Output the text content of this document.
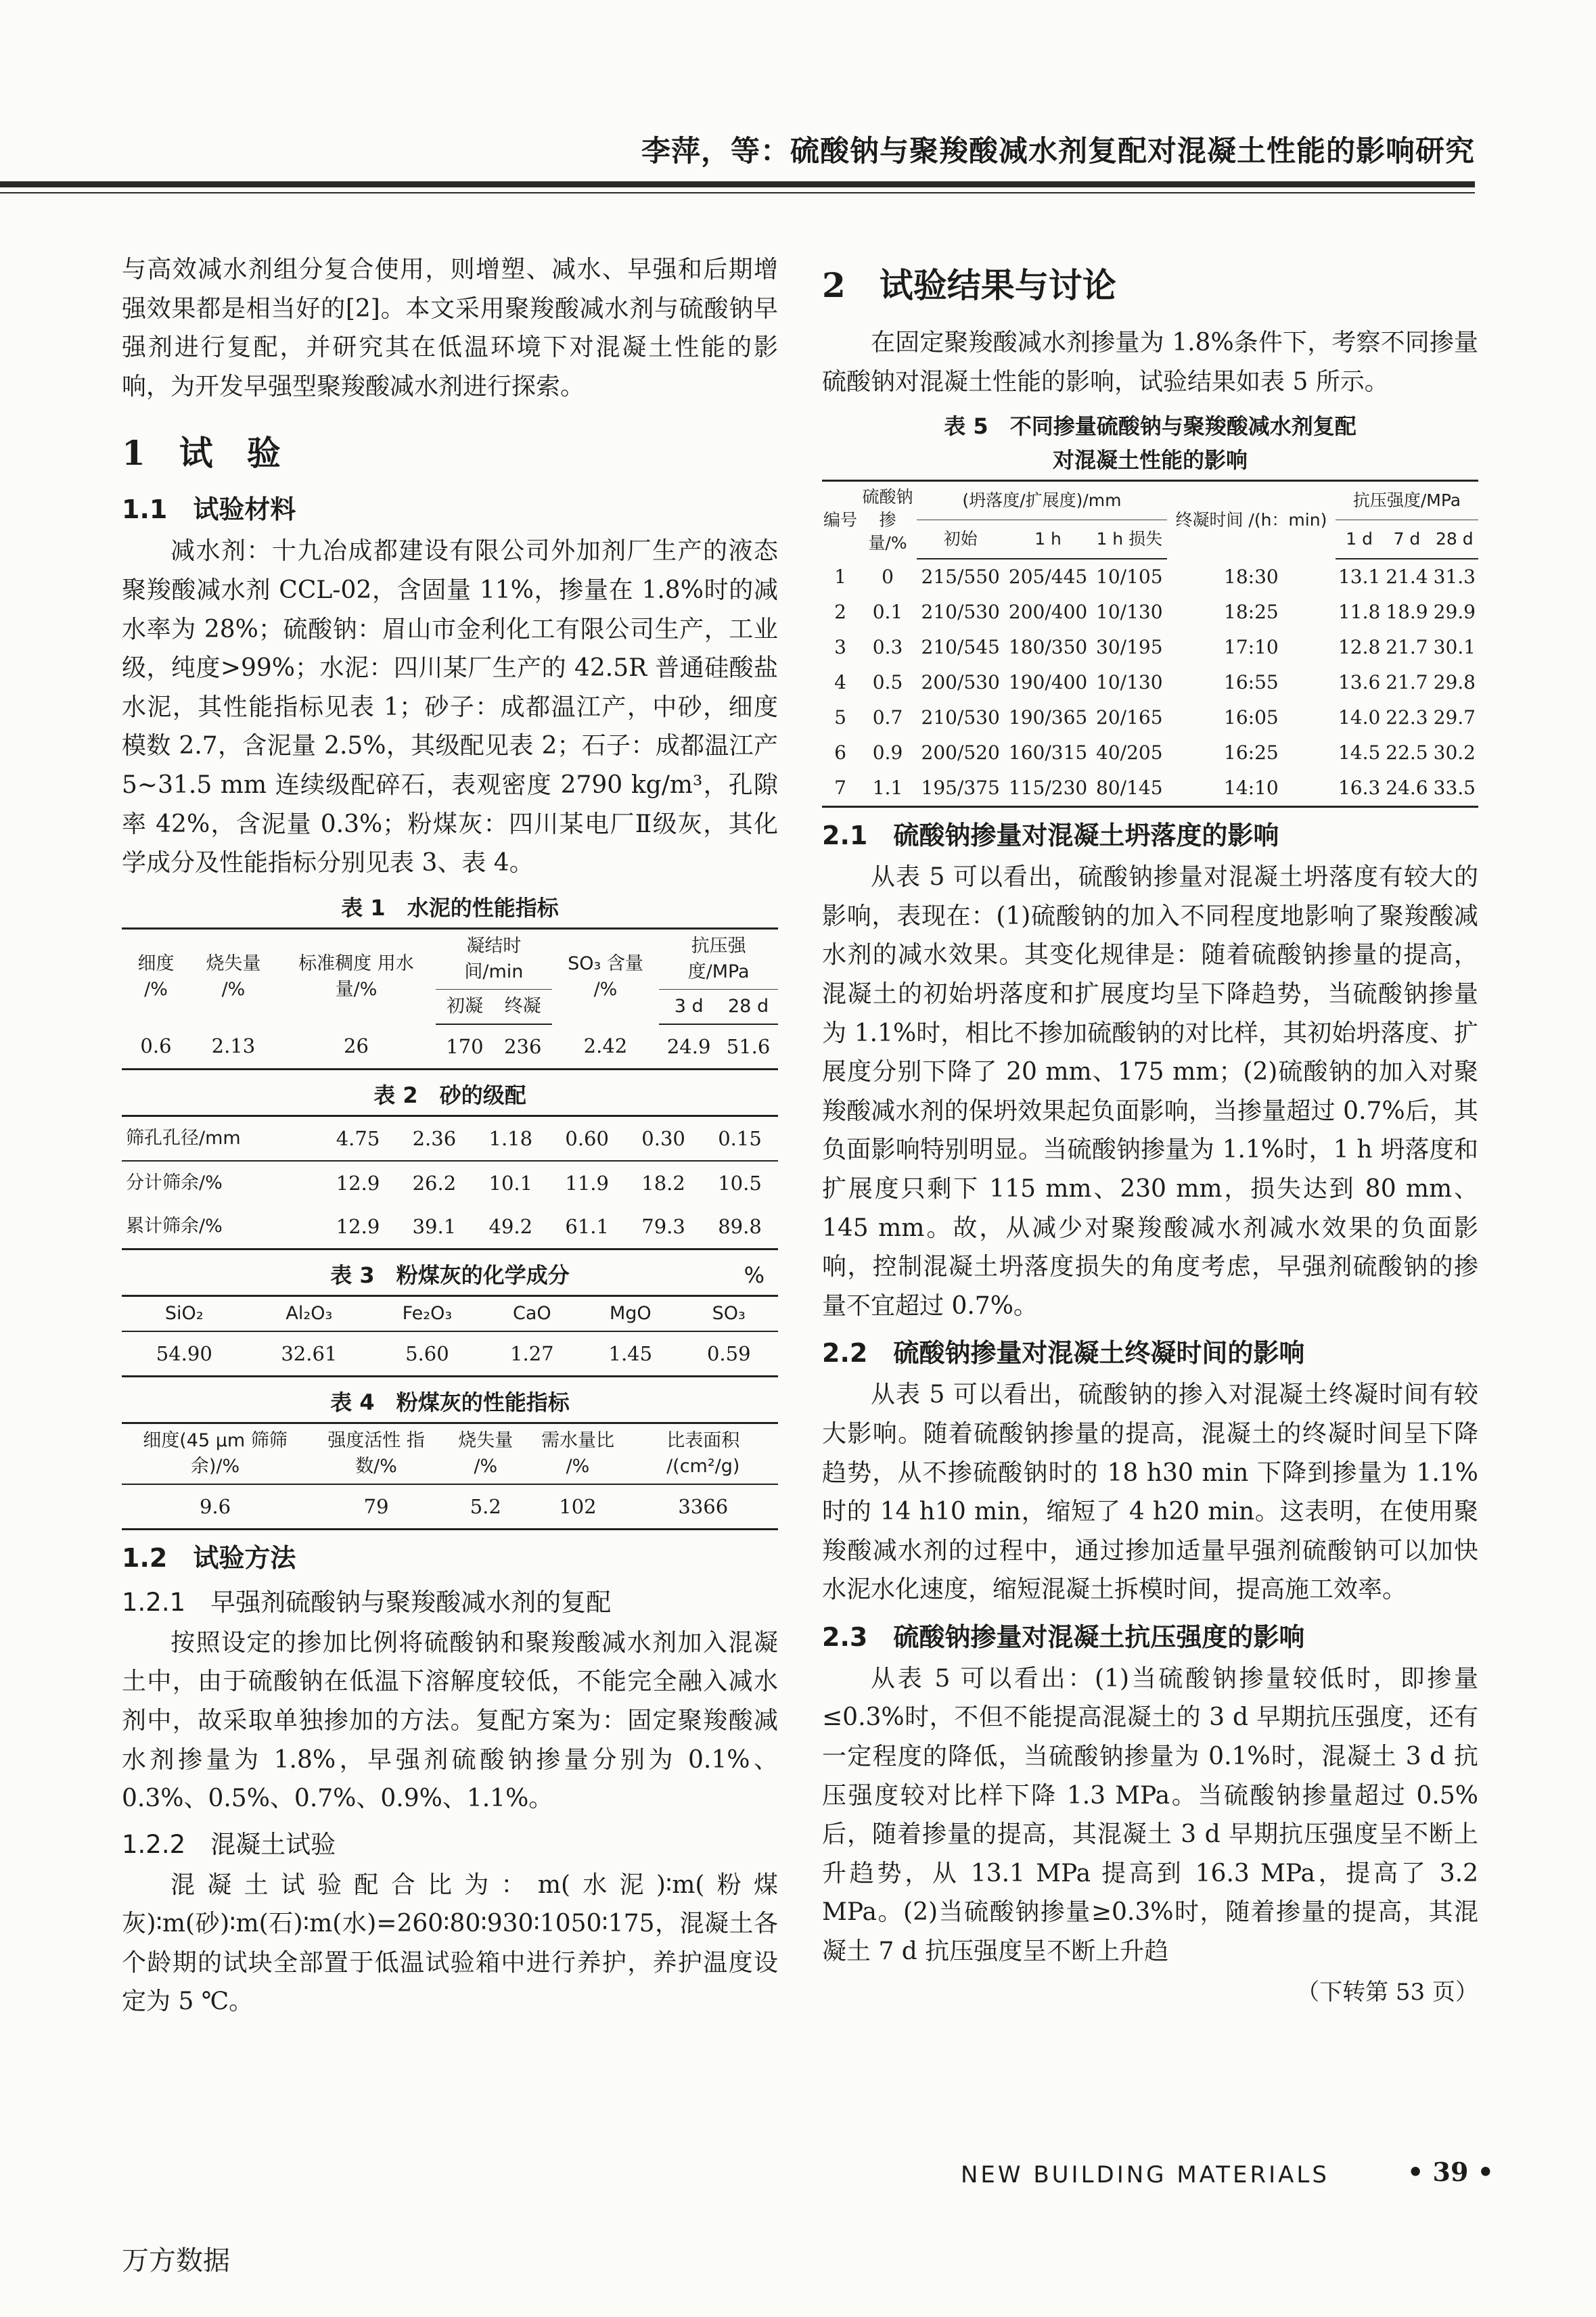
李萍，等：硫酸钠与聚羧酸减水剂复配对混凝土性能的影响研究

与高效减水剂组分复合使用，则增塑、减水、早强和后期增强效果都是相当好的[2]。本文采用聚羧酸减水剂与硫酸钠早强剂进行复配，并研究其在低温环境下对混凝土性能的影响，为开发早强型聚羧酸减水剂进行探索。

1　试　验
1.1　试验材料

减水剂：十九冶成都建设有限公司外加剂厂生产的液态聚羧酸减水剂 CCL-02，含固量 11%，掺量在 1.8%时的减水率为 28%；硫酸钠：眉山市金利化工有限公司生产，工业级，纯度>99%；水泥：四川某厂生产的 42.5R 普通硅酸盐水泥，其性能指标见表 1；砂子：成都温江产，中砂，细度模数 2.7，含泥量 2.5%，其级配见表 2；石子：成都温江产 5~31.5 mm 连续级配碎石，表观密度 2790 kg/m³，孔隙率 42%，含泥量 0.3%；粉煤灰：四川某电厂Ⅱ级灰，其化学成分及性能指标分别见表 3、表 4。

表 1　水泥的性能指标
细度 /%	烧失量 /%	标准稠度 用水量/%	凝结时间/min		SO₃ 含量 /%	抗压强度/MPa	
			初凝	终凝		3 d	28 d
0.6	2.13	26	170	236	2.42	24.9	51.6
表 2　砂的级配
筛孔孔径/mm	4.75	2.36	1.18	0.60	0.30	0.15
分计筛余/%	12.9	26.2	10.1	11.9	18.2	10.5
累计筛余/%	12.9	39.1	49.2	61.1	79.3	89.8
表 3　粉煤灰的化学成分	%
SiO₂	Al₂O₃	Fe₂O₃	CaO	MgO	SO₃
54.90	32.61	5.60	1.27	1.45	0.59
表 4　粉煤灰的性能指标
细度(45 μm 筛筛余)/%	强度活性 指数/%	烧失量 /%	需水量比 /%	比表面积 /(cm²/g)
9.6	79	5.2	102	3366
1.2　试验方法
1.2.1　早强剂硫酸钠与聚羧酸减水剂的复配

按照设定的掺加比例将硫酸钠和聚羧酸减水剂加入混凝土中，由于硫酸钠在低温下溶解度较低，不能完全融入减水剂中，故采取单独掺加的方法。复配方案为：固定聚羧酸减水剂掺量为 1.8%，早强剂硫酸钠掺量分别为 0.1%、0.3%、0.5%、0.7%、0.9%、1.1%。

1.2.2　混凝土试验

混凝土试验配合比为：m(水泥)∶m(粉煤灰)∶m(砂)∶m(石)∶m(水)=260∶80∶930∶1050∶175，混凝土各个龄期的试块全部置于低温试验箱中进行养护，养护温度设定为 5 ℃。

2　试验结果与讨论

在固定聚羧酸减水剂掺量为 1.8%条件下，考察不同掺量硫酸钠对混凝土性能的影响，试验结果如表 5 所示。

表 5　不同掺量硫酸钠与聚羧酸减水剂复配
对混凝土性能的影响
编号	硫酸钠掺量/%	(坍落度/扩展度)/mm			终凝时间 /(h：min)	抗压强度/MPa		
		初始	1 h	1 h 损失		1 d	7 d	28 d
1	0	215/550	205/445	10/105	18:30	13.1	21.4	31.3
2	0.1	210/530	200/400	10/130	18:25	11.8	18.9	29.9
3	0.3	210/545	180/350	30/195	17:10	12.8	21.7	30.1
4	0.5	200/530	190/400	10/130	16:55	13.6	21.7	29.8
5	0.7	210/530	190/365	20/165	16:05	14.0	22.3	29.7
6	0.9	200/520	160/315	40/205	16:25	14.5	22.5	30.2
7	1.1	195/375	115/230	80/145	14:10	16.3	24.6	33.5
2.1　硫酸钠掺量对混凝土坍落度的影响

从表 5 可以看出，硫酸钠掺量对混凝土坍落度有较大的影响，表现在：(1)硫酸钠的加入不同程度地影响了聚羧酸减水剂的减水效果。其变化规律是：随着硫酸钠掺量的提高，混凝土的初始坍落度和扩展度均呈下降趋势，当硫酸钠掺量为 1.1%时，相比不掺加硫酸钠的对比样，其初始坍落度、扩展度分别下降了 20 mm、175 mm；(2)硫酸钠的加入对聚羧酸减水剂的保坍效果起负面影响，当掺量超过 0.7%后，其负面影响特别明显。当硫酸钠掺量为 1.1%时，1 h 坍落度和扩展度只剩下 115 mm、230 mm，损失达到 80 mm、145 mm。故，从减少对聚羧酸减水剂减水效果的负面影响，控制混凝土坍落度损失的角度考虑，早强剂硫酸钠的掺量不宜超过 0.7%。

2.2　硫酸钠掺量对混凝土终凝时间的影响

从表 5 可以看出，硫酸钠的掺入对混凝土终凝时间有较大影响。随着硫酸钠掺量的提高，混凝土的终凝时间呈下降趋势，从不掺硫酸钠时的 18 h30 min 下降到掺量为 1.1%时的 14 h10 min，缩短了 4 h20 min。这表明，在使用聚羧酸减水剂的过程中，通过掺加适量早强剂硫酸钠可以加快水泥水化速度，缩短混凝土拆模时间，提高施工效率。

2.3　硫酸钠掺量对混凝土抗压强度的影响

从表 5 可以看出：(1)当硫酸钠掺量较低时，即掺量≤0.3%时，不但不能提高混凝土的 3 d 早期抗压强度，还有一定程度的降低，当硫酸钠掺量为 0.1%时，混凝土 3 d 抗压强度较对比样下降 1.3 MPa。当硫酸钠掺量超过 0.5%后，随着掺量的提高，其混凝土 3 d 早期抗压强度呈不断上升趋势，从 13.1 MPa 提高到 16.3 MPa，提高了 3.2 MPa。(2)当硫酸钠掺量≥0.3%时，随着掺量的提高，其混凝土 7 d 抗压强度呈不断上升趋

（下转第 53 页）
NEW BUILDING MATERIALS	• 39 •
万方数据
